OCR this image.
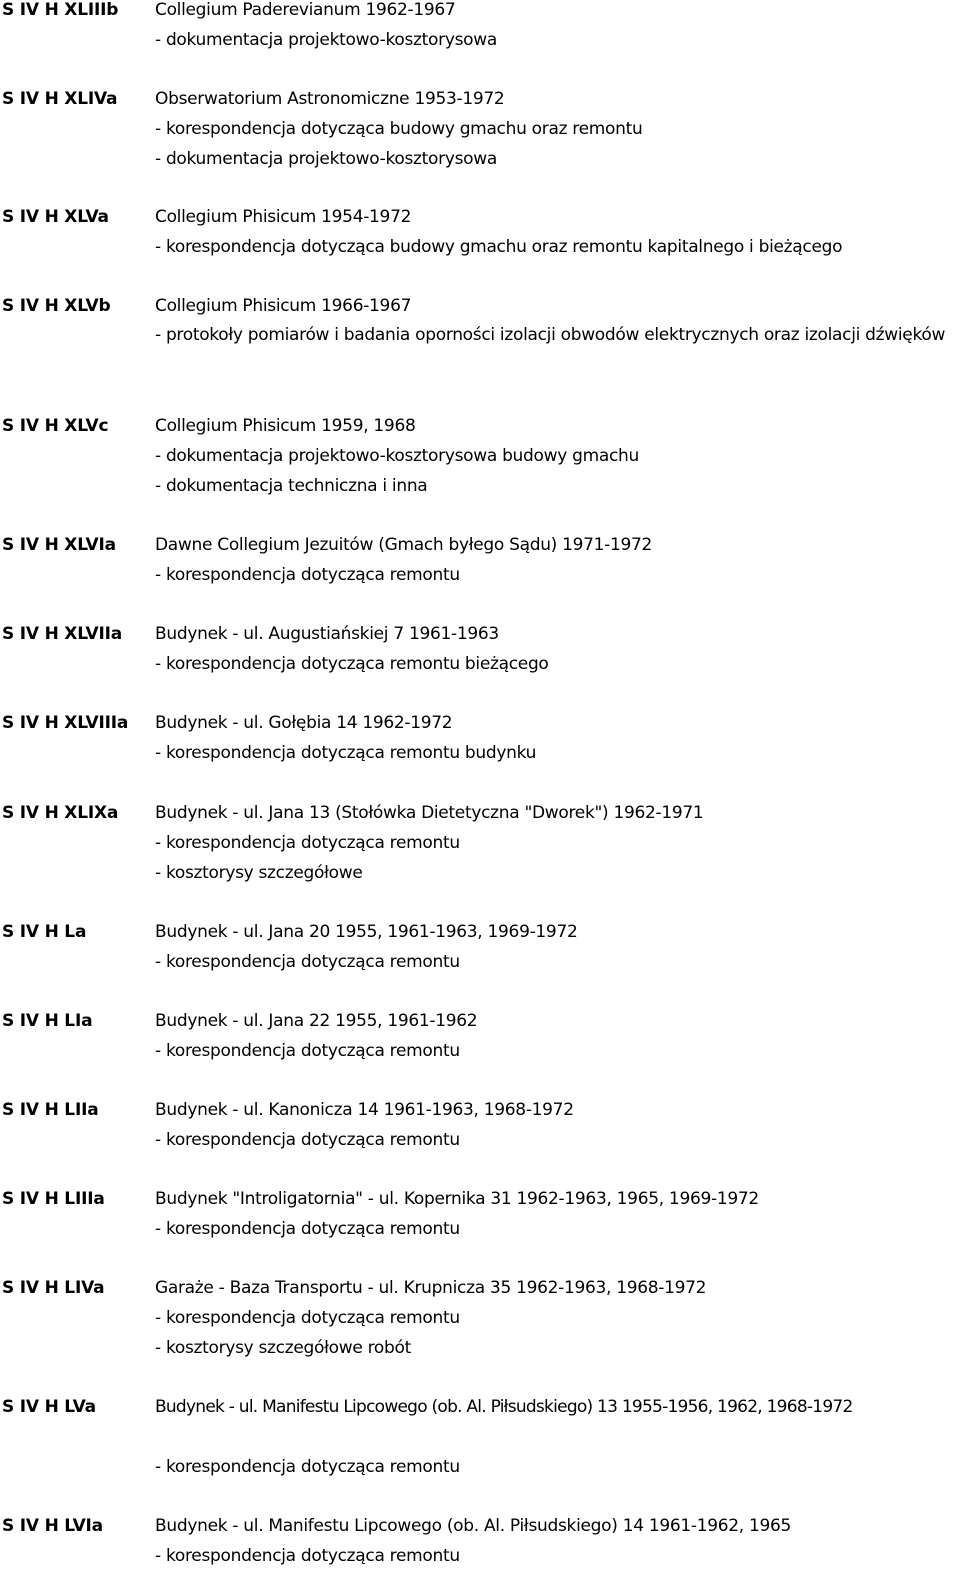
S IV H XLIIIb Collegium Paderevianum 1962-1967
- dokumentacja projektowo-kosztorysowa
S IV H XLIVa Obserwatorium Astronomiczne 1953-1972
- korespondencja dotycząca budowy gmachu oraz remontu
- dokumentacja projektowo-kosztorysowa
S IV H XLVa	Collegium Phisicum 1954-1972
- korespondencja dotycząca budowy gmachu oraz remontu kapitalnego i bieżącego
S IV H XLVb	Collegium Phisicum 1966-1967
- protokoły pomiarów i badania oporności izolacji obwodów elektrycznych oraz izolacji dźwięków
S IV H XLVc	Collegium Phisicum 1959, 1968
- dokumentacja projektowo-kosztorysowa budowy gmachu
- dokumentacja techniczna i inna
S IV H XLVIa Dawne Collegium Jezuitów (Gmach byłego Sądu) 1971-1972
- korespondencja dotycząca remontu
S IV H XLVIIa Budynek - ul. Augustiańskiej 7 1961-1963
- korespondencja dotycząca remontu bieżącego
S IV H XLVIIIa Budynek - ul. Gołębia 14 1962-1972
- korespondencja dotycząca remontu budynku
S IV H XLIXa Budynek - ul. Jana 13 (Stołówka Dietetyczna "Dworek") 1962-1971
- korespondencja dotycząca remontu
- kosztorysy szczegółowe
S IV H La	Budynek - ul. Jana 20 1955, 1961-1963, 1969-1972
- korespondencja dotycząca remontu
S IV H LIa	Budynek - ul. Jana 22 1955, 1961-1962
- korespondencja dotycząca remontu
S IV H LIIa	Budynek - ul. Kanonicza 14 1961-1963, 1968-1972
- korespondencja dotycząca remontu
S IV H LIIIa	Budynek "Introligatornia" - ul. Kopernika 31 1962-1963, 1965, 1969-1972
- korespondencja dotycząca remontu
S IV H LIVa	Garaże - Baza Transportu - ul. Krupnicza 35 1962-1963, 1968-1972
- korespondencja dotycząca remontu
- kosztorysy szczegółowe robót
S IV H LVa	Budynek - ul. Manifestu Lipcowego (ob. Al. Piłsudskiego) 13 1955-1956, 1962, 1968-1972
- korespondencja dotycząca remontu
S IV H LVIa	Budynek - ul. Manifestu Lipcowego (ob. Al. Piłsudskiego) 14 1961-1962, 1965
- korespondencja dotycząca remontu
